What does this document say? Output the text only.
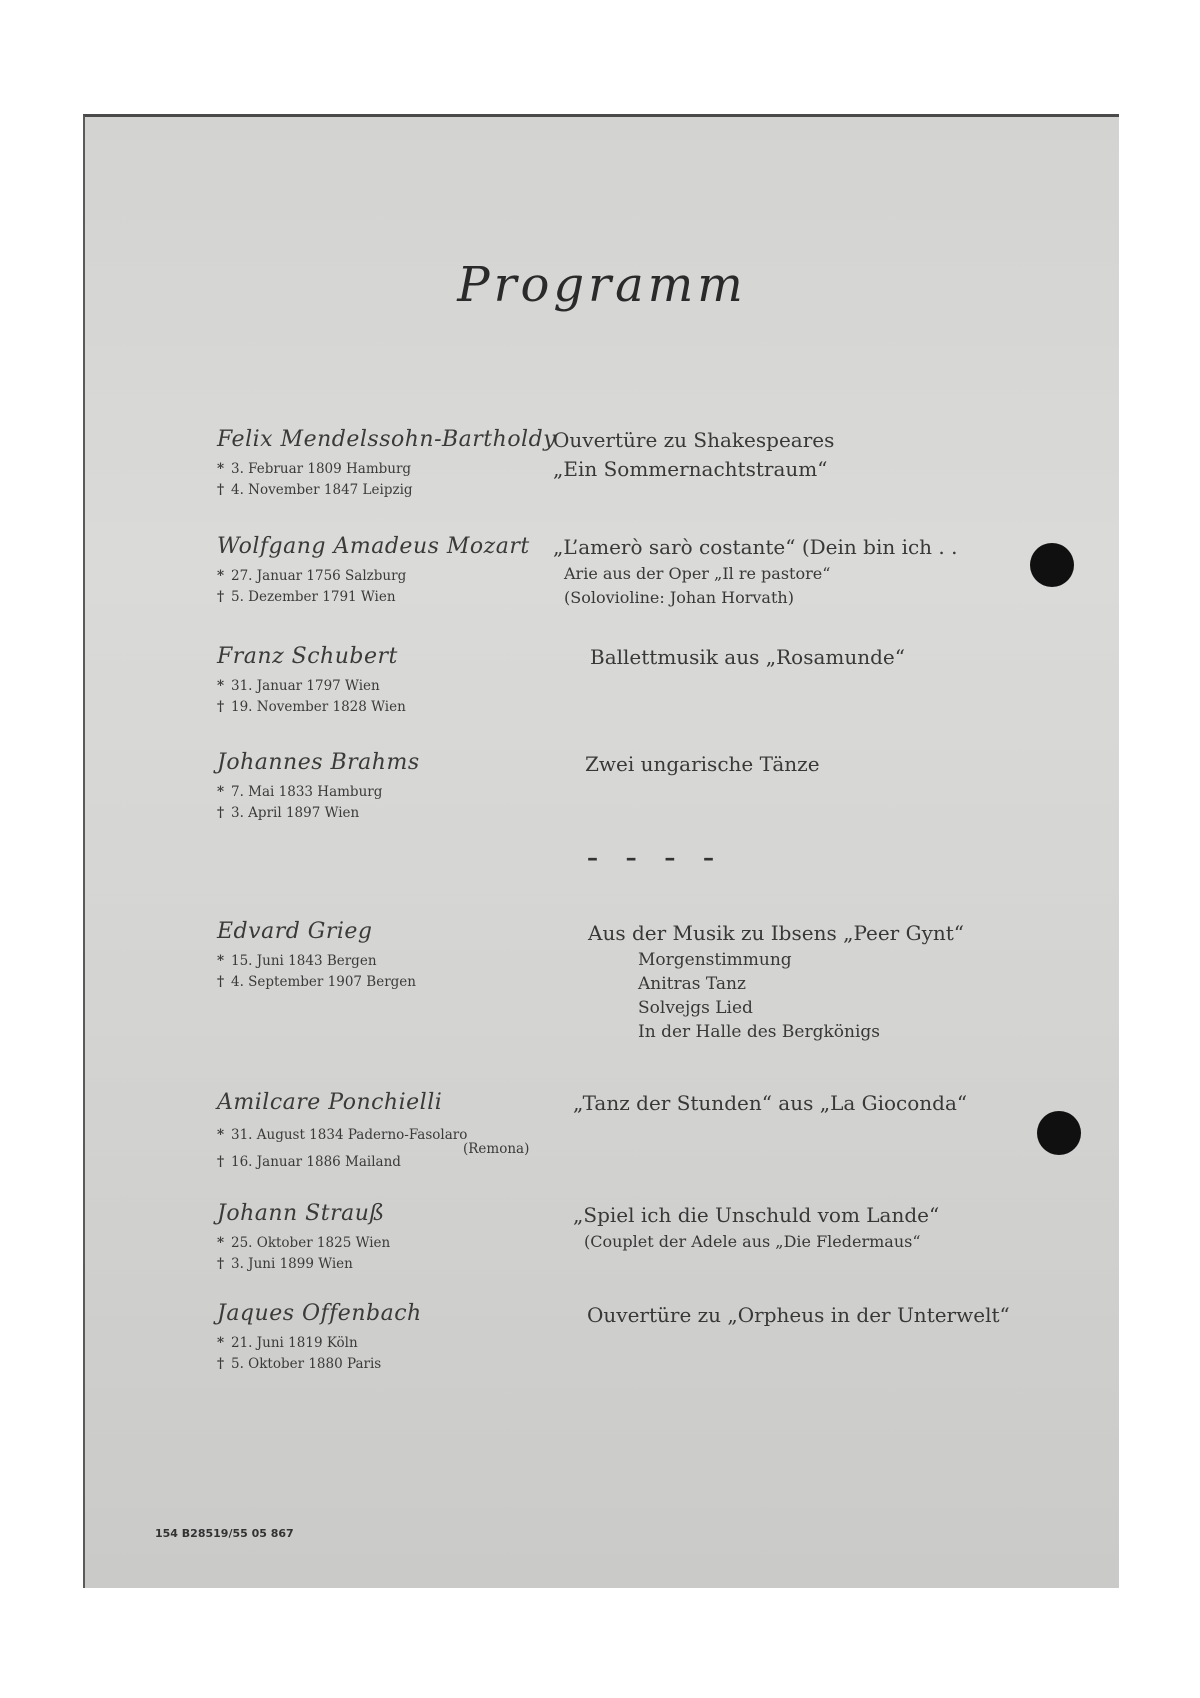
Programm
Felix Mendelssohn-Bartholdy
* 3. Februar 1809 Hamburg
† 4. November 1847 Leipzig
Ouvertüre zu Shakespeares
„Ein Sommernachtstraum“
Wolfgang Amadeus Mozart
* 27. Januar 1756 Salzburg
† 5. Dezember 1791 Wien
„L’amerò sarò costante“ (Dein bin ich . .
Arie aus der Oper „Il re pastore“
(Solovioline: Johan Horvath)
Franz Schubert
* 31. Januar 1797 Wien
† 19. November 1828 Wien
Ballettmusik aus „Rosamunde“
Johannes Brahms
* 7. Mai 1833 Hamburg
† 3. April 1897 Wien
Zwei ungarische Tänze
– – – –
Edvard Grieg
* 15. Juni 1843 Bergen
† 4. September 1907 Bergen
Aus der Musik zu Ibsens „Peer Gynt“
Morgenstimmung
Anitras Tanz
Solvejgs Lied
In der Halle des Bergkönigs
Amilcare Ponchielli
* 31. August 1834 Paderno-Fasolaro
† 16. Januar 1886 Mailand
(Remona)
„Tanz der Stunden“ aus „La Gioconda“
Johann Strauß
* 25. Oktober 1825 Wien
† 3. Juni 1899 Wien
„Spiel ich die Unschuld vom Lande“
(Couplet der Adele aus „Die Fledermaus“
Jaques Offenbach
* 21. Juni 1819 Köln
† 5. Oktober 1880 Paris
Ouvertüre zu „Orpheus in der Unterwelt“
154 B28519/55 05 867
